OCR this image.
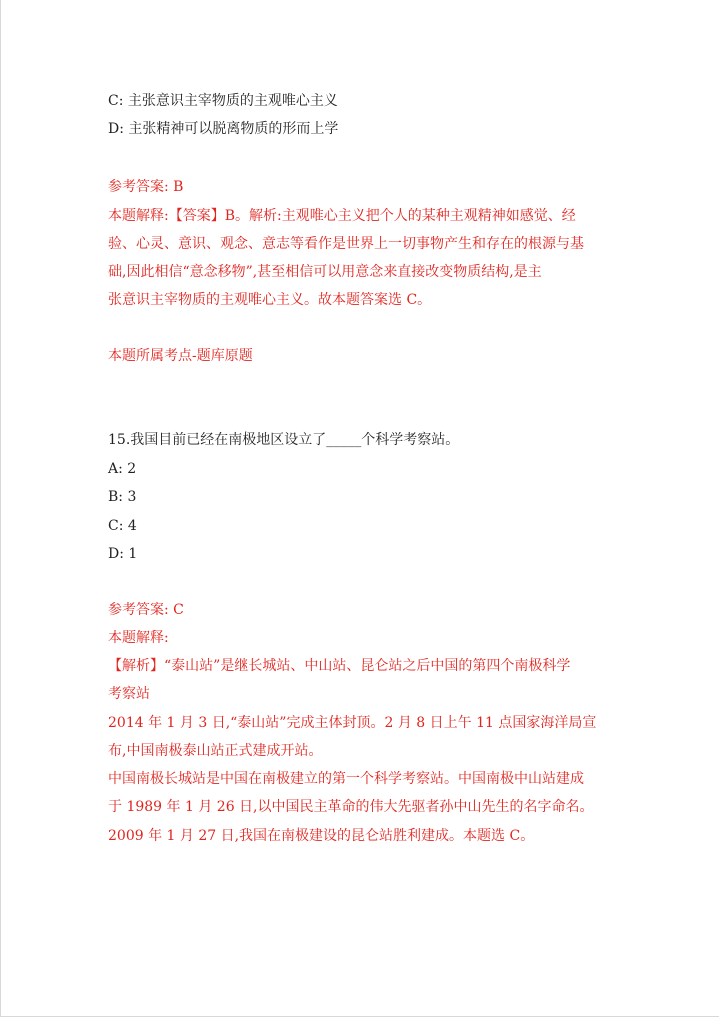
C: 主张意识主宰物质的主观唯心主义
D: 主张精神可以脱离物质的形而上学
参考答案: B
本题解释:【答案】B。解析:主观唯心主义把个人的某种主观精神如感觉、经
验、心灵、意识、观念、意志等看作是世界上一切事物产生和存在的根源与基
础,因此相信“意念移物”,甚至相信可以用意念来直接改变物质结构,是主
张意识主宰物质的主观唯心主义。故本题答案选 C。
本题所属考点-题库原题
15.我国目前已经在南极地区设立了_____个科学考察站。
A: 2
B: 3
C: 4
D: 1
参考答案: C
本题解释:
【解析】“泰山站”是继长城站、中山站、昆仑站之后中国的第四个南极科学
考察站
2014 年 1 月 3 日,“泰山站”完成主体封顶。2 月 8 日上午 11 点国家海洋局宣
布,中国南极泰山站正式建成开站。
中国南极长城站是中国在南极建立的第一个科学考察站。中国南极中山站建成
于 1989 年 1 月 26 日,以中国民主革命的伟大先驱者孙中山先生的名字命名。
2009 年 1 月 27 日,我国在南极建设的昆仑站胜利建成。本题选 C。
